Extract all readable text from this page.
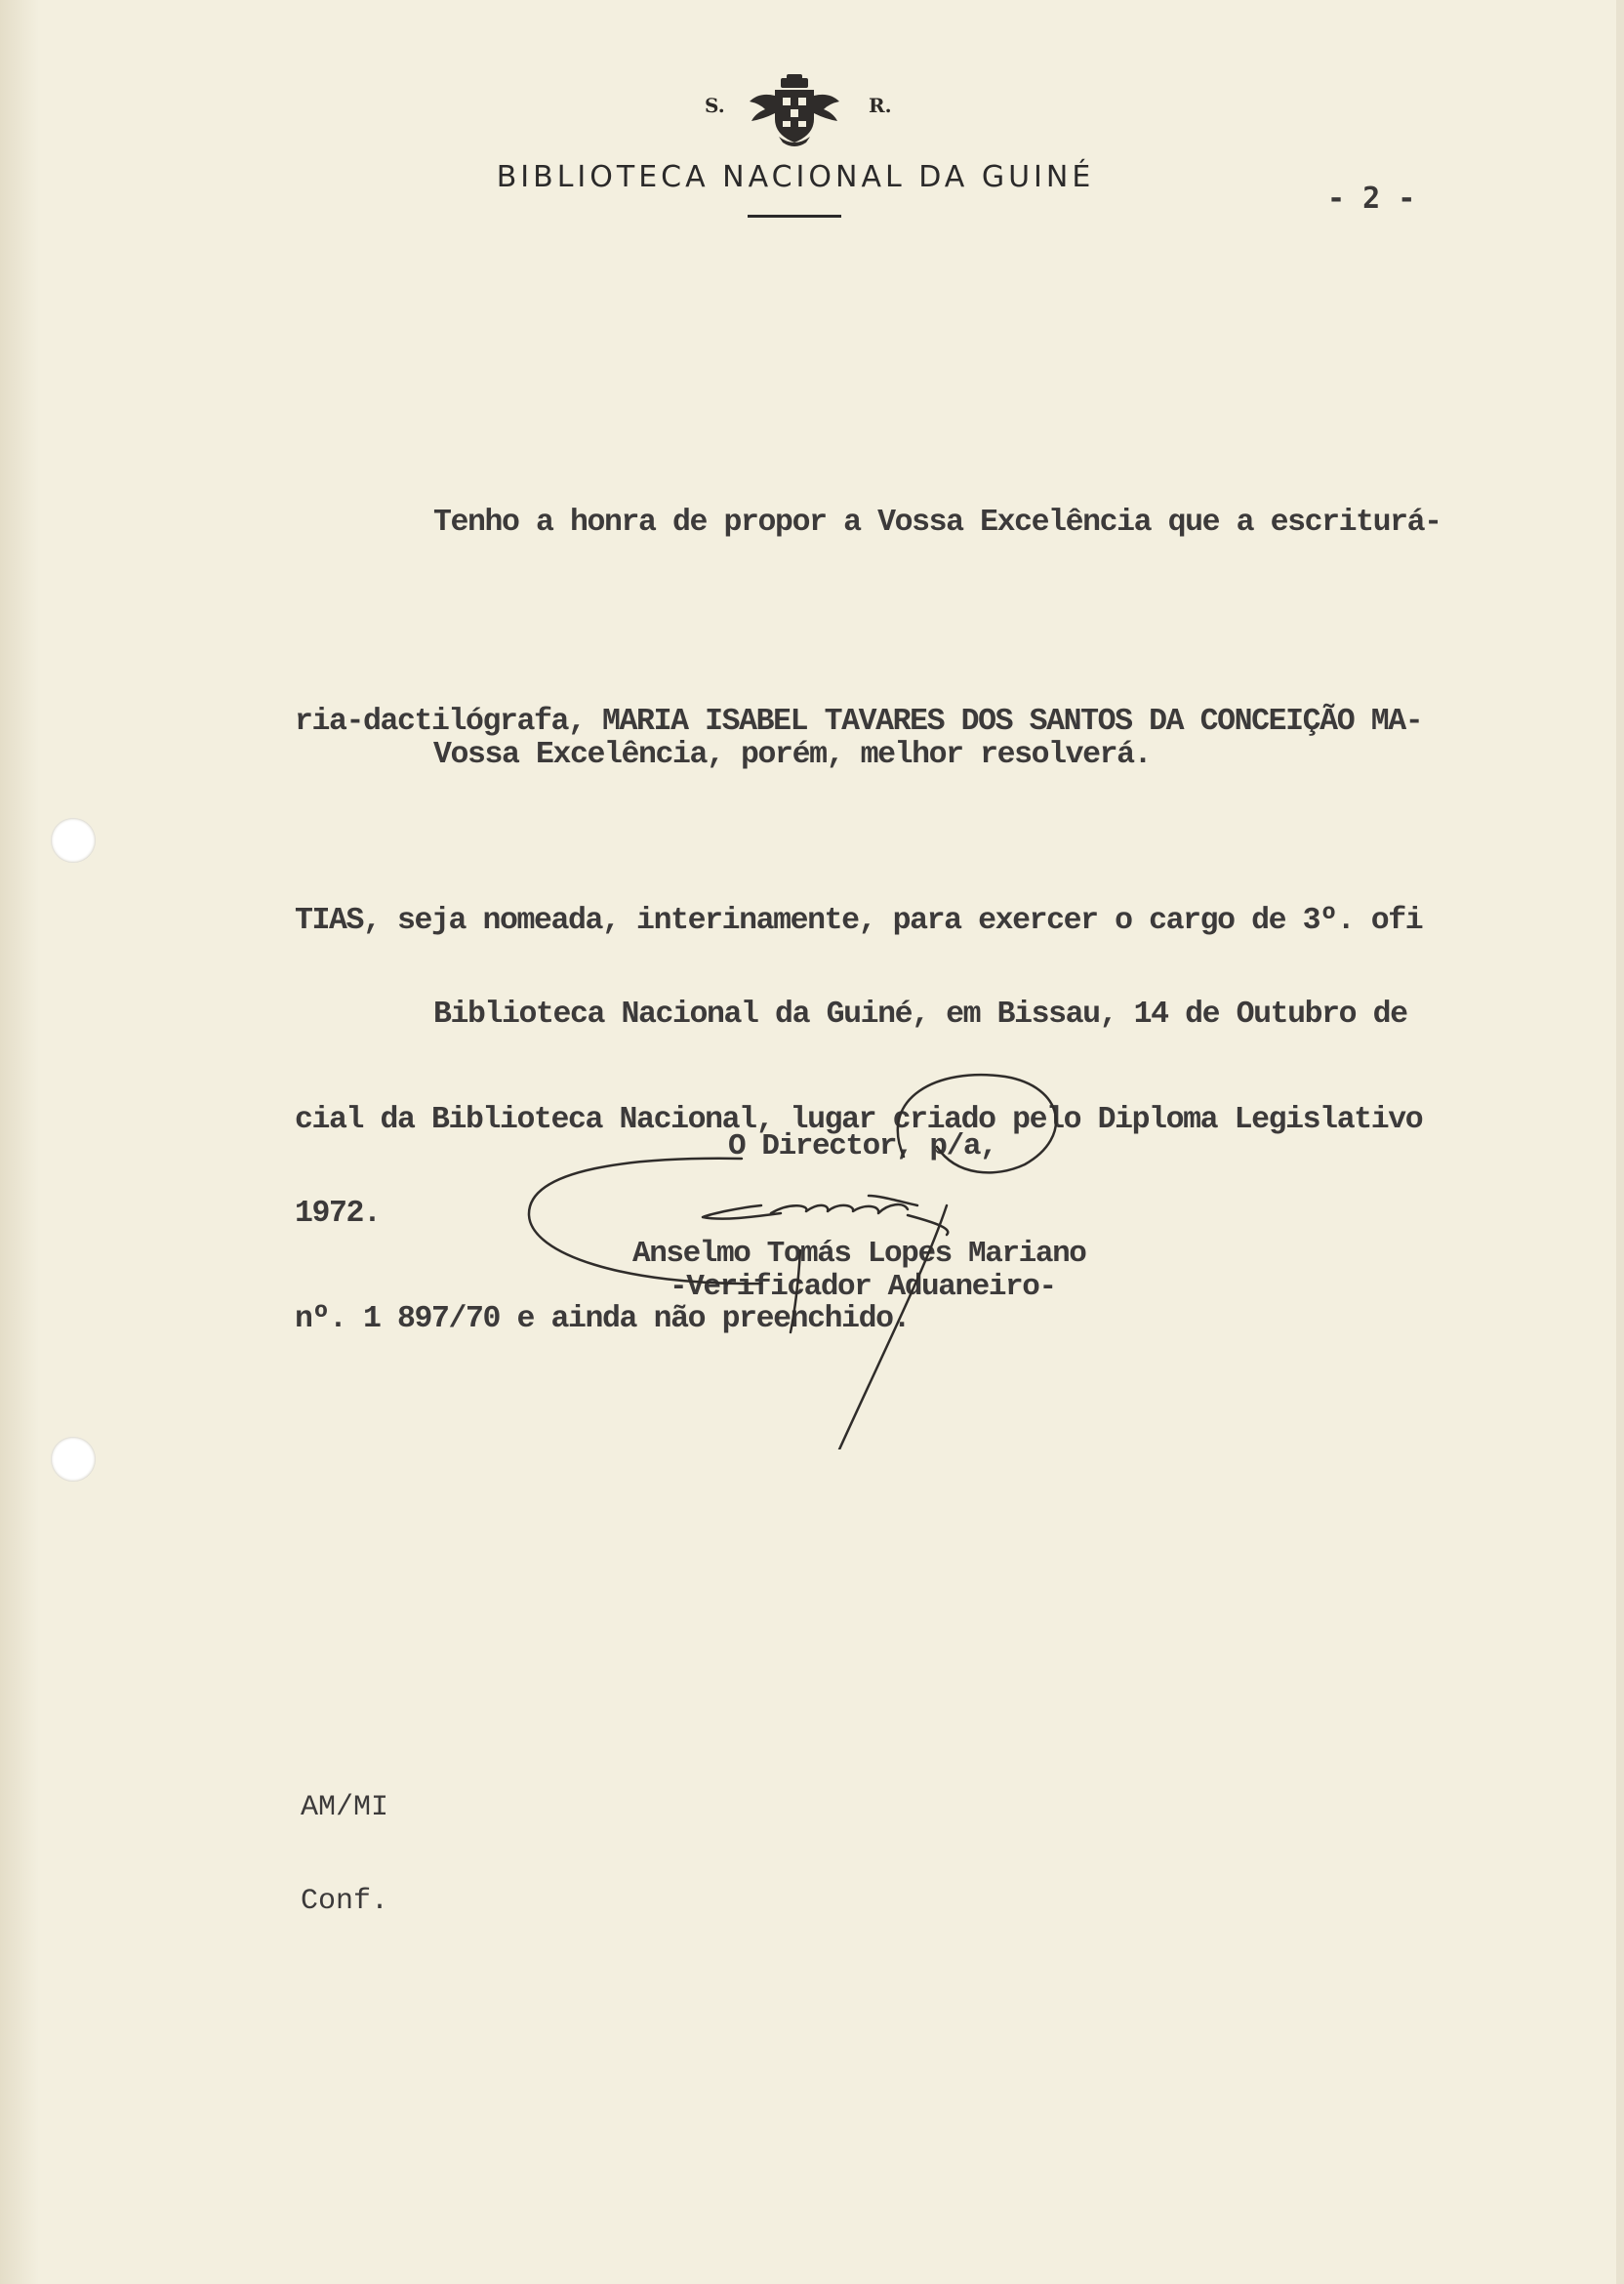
S.	R.
BIBLIOTECA NACIONAL DA GUINÉ
- 2 -

Tenho a honra de propor a Vossa Excelência que a escriturá-

ria-dactilógrafa, MARIA ISABEL TAVARES DOS SANTOS DA CONCEIÇÃO MA-

TIAS, seja nomeada, interinamente, para exercer o cargo de 3º. ofi

cial da Biblioteca Nacional, lugar criado pelo Diploma Legislativo

nº. 1 897/70 e ainda não preenchido.

Vossa Excelência, porém, melhor resolverá.

Biblioteca Nacional da Guiné, em Bissau, 14 de Outubro de

1972.

O Director, p/a,
Anselmo Tomás Lopes Mariano
-Verificador Aduaneiro-

AM/MI

Conf.
